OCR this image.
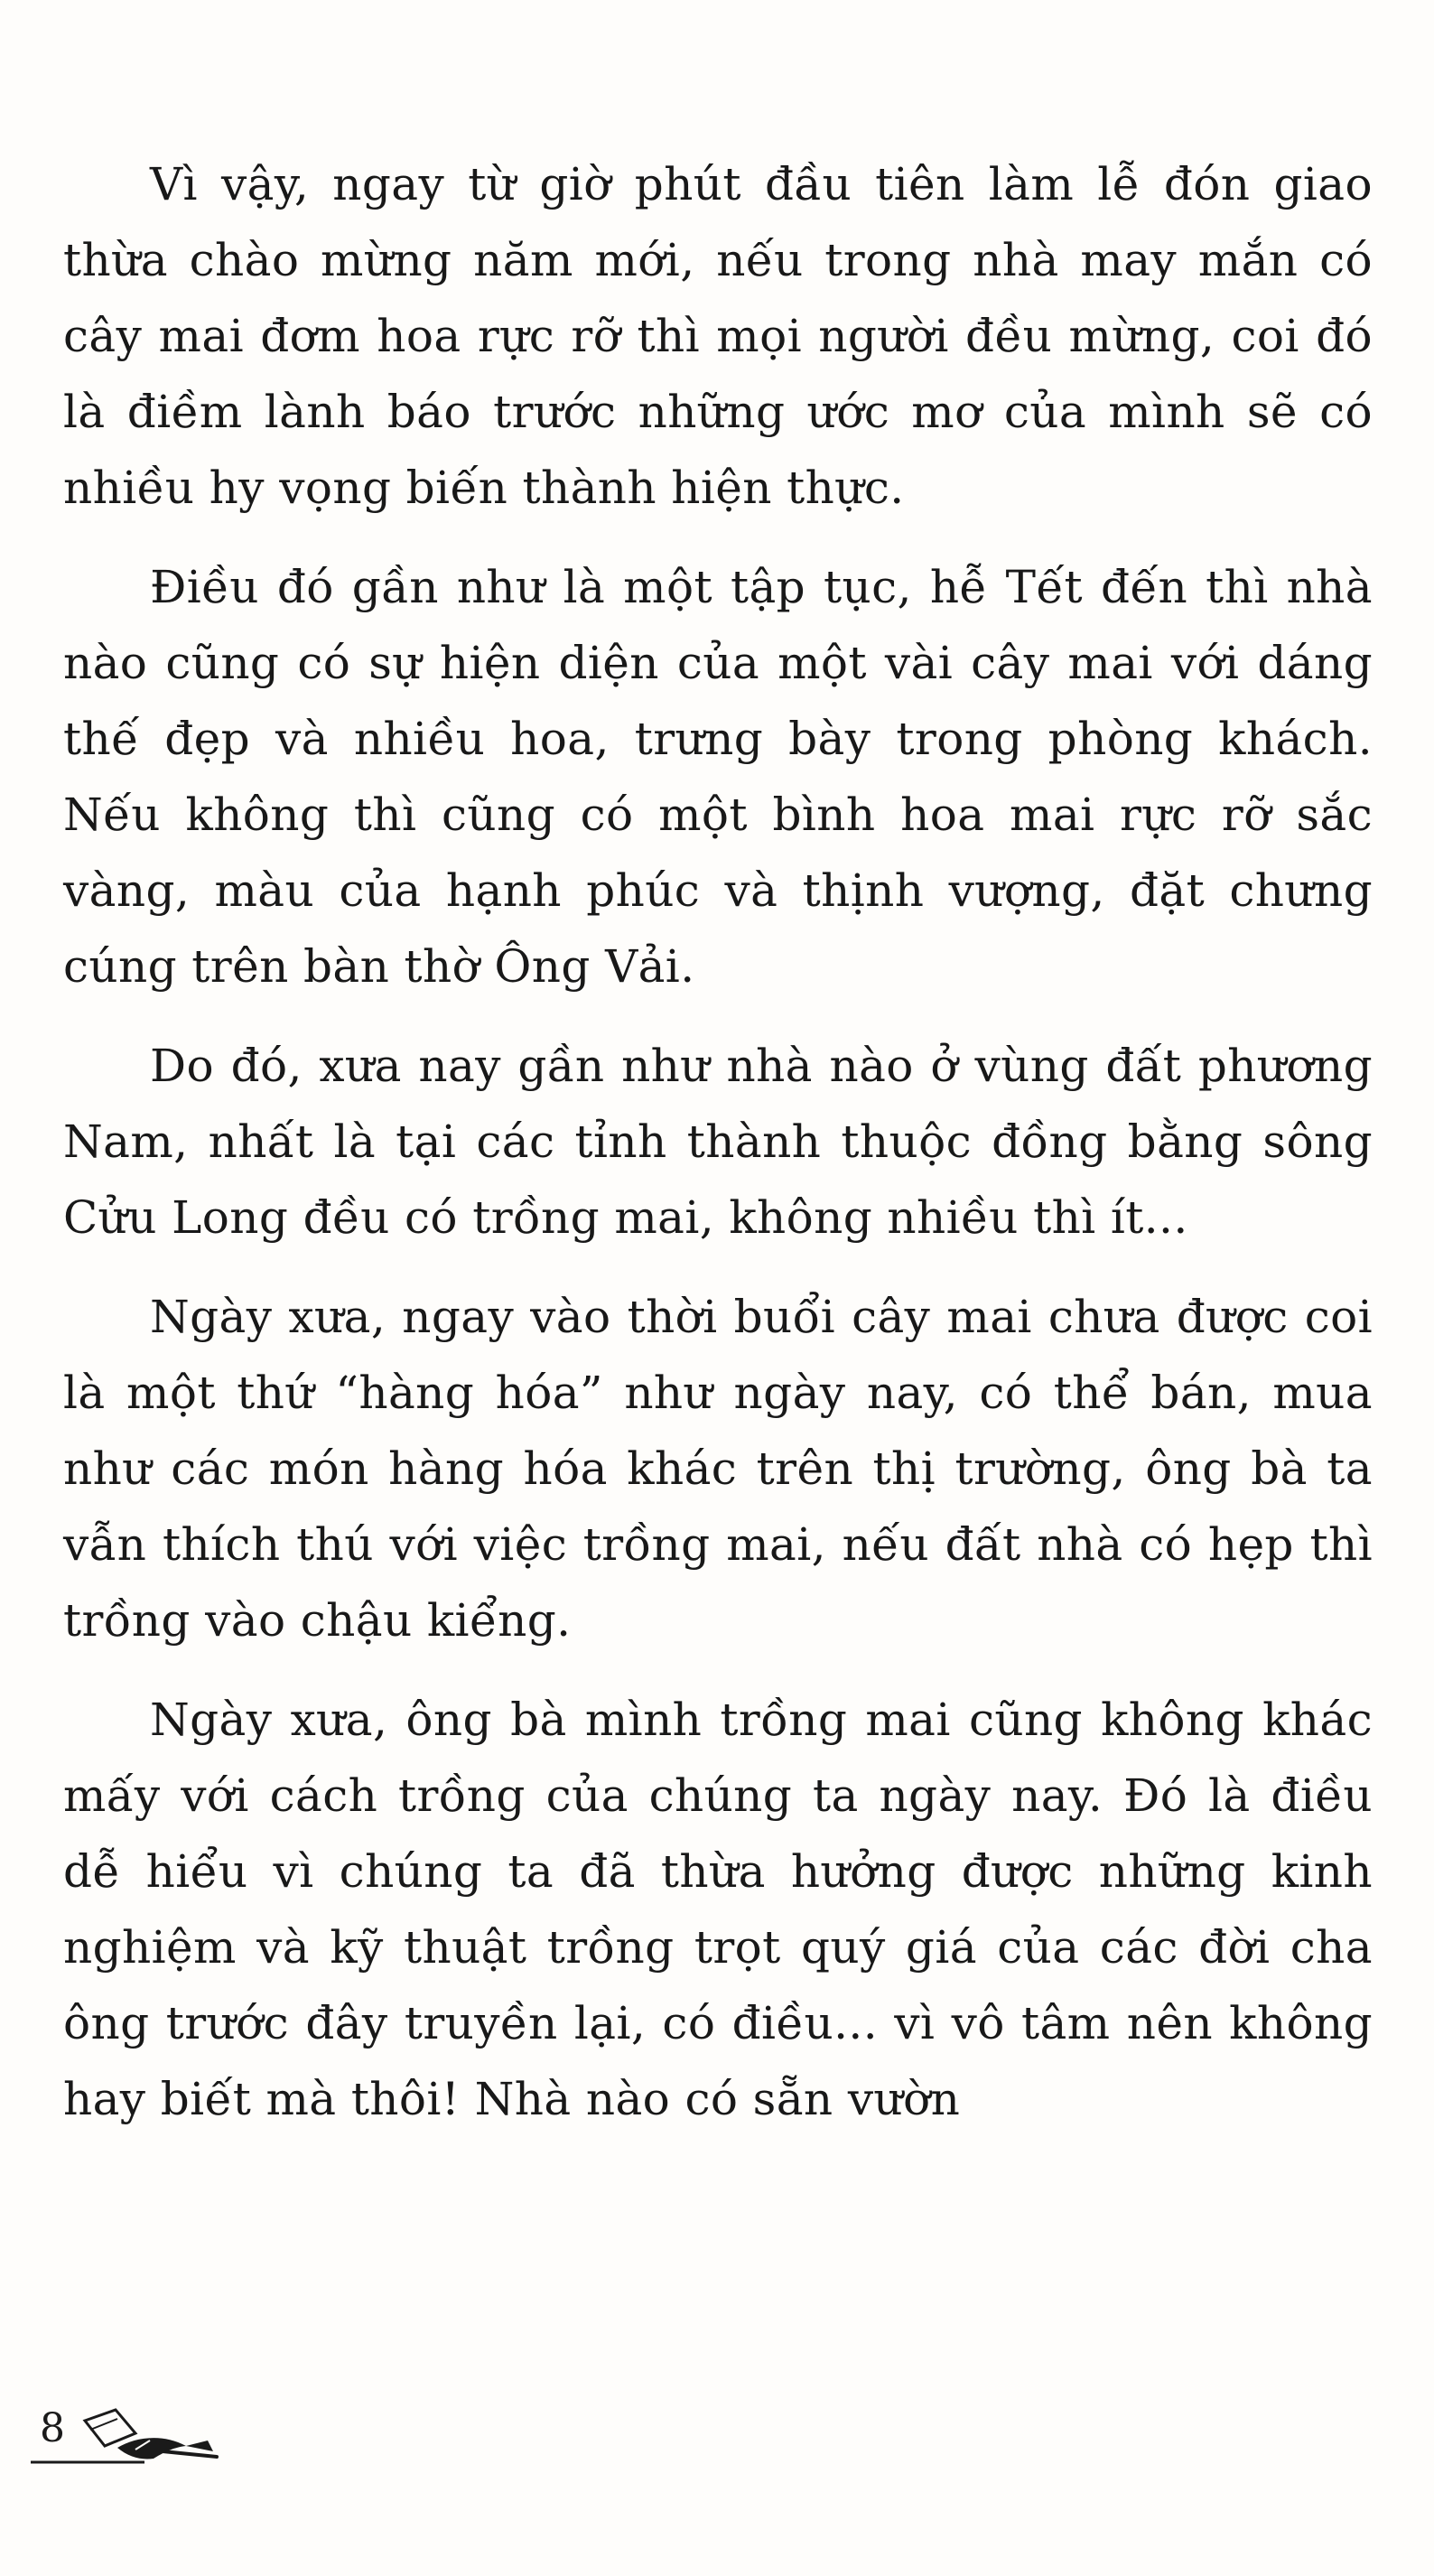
Vì vậy, ngay từ giờ phút đầu tiên làm lễ đón giao thừa chào mừng năm mới, nếu trong nhà may mắn có cây mai đơm hoa rực rỡ thì mọi người đều mừng, coi đó là điềm lành báo trước những ước mơ của mình sẽ có nhiều hy vọng biến thành hiện thực.

Điều đó gần như là một tập tục, hễ Tết đến thì nhà nào cũng có sự hiện diện của một vài cây mai với dáng thế đẹp và nhiều hoa, trưng bày trong phòng khách. Nếu không thì cũng có một bình hoa mai rực rỡ sắc vàng, màu của hạnh phúc và thịnh vượng, đặt chưng cúng trên bàn thờ Ông Vải.

Do đó, xưa nay gần như nhà nào ở vùng đất phương Nam, nhất là tại các tỉnh thành thuộc đồng bằng sông Cửu Long đều có trồng mai, không nhiều thì ít...

Ngày xưa, ngay vào thời buổi cây mai chưa được coi là một thứ “hàng hóa” như ngày nay, có thể bán, mua như các món hàng hóa khác trên thị trường, ông bà ta vẫn thích thú với việc trồng mai, nếu đất nhà có hẹp thì trồng vào chậu kiểng.

Ngày xưa, ông bà mình trồng mai cũng không khác mấy với cách trồng của chúng ta ngày nay. Đó là điều dễ hiểu vì chúng ta đã thừa hưởng được những kinh nghiệm và kỹ thuật trồng trọt quý giá của các đời cha ông trước đây truyền lại, có điều... vì vô tâm nên không hay biết mà thôi! Nhà nào có sẵn vườn

8
